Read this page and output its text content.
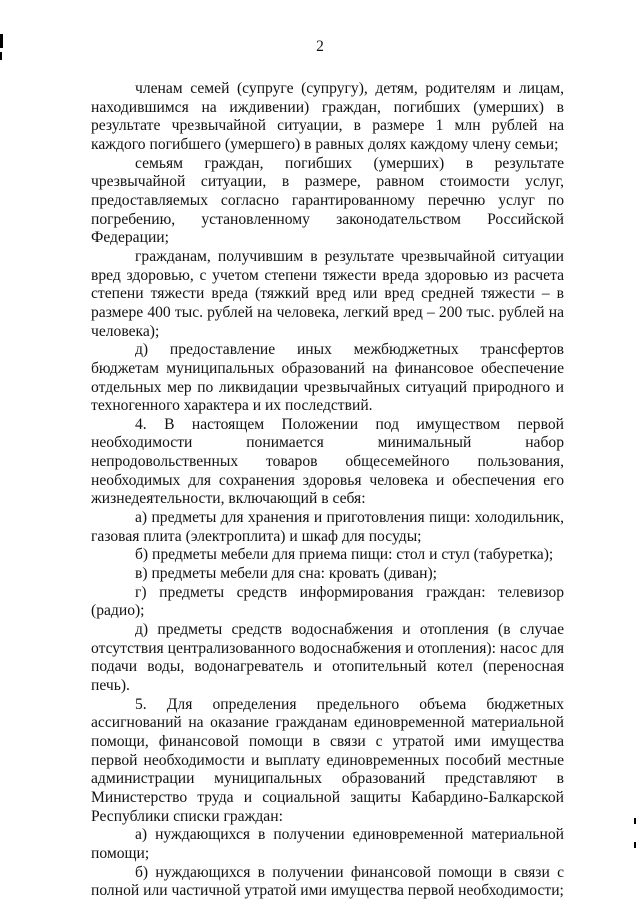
2

членам семей (супруге (супругу), детям, родителям и лицам, находившимся на иждивении) граждан, погибших (умерших) в результате чрезвычайной ситуации, в размере 1 млн рублей на каждого погибшего (умершего) в равных долях каждому члену семьи;

семьям граждан, погибших (умерших) в результате чрезвычайной ситуации, в размере, равном стоимости услуг, предоставляемых согласно гарантированному перечню услуг по погребению, установленному законодательством Российской Федерации;

гражданам, получившим в результате чрезвычайной ситуации вред здоровью, с учетом степени тяжести вреда здоровью из расчета степени тяжести вреда (тяжкий вред или вред средней тяжести – в размере 400 тыс. рублей на человека, легкий вред – 200 тыс. рублей на человека);

д) предоставление иных межбюджетных трансфертов бюджетам муниципальных образований на финансовое обеспечение отдельных мер по ликвидации чрезвычайных ситуаций природного и техногенного характера и их последствий.

4. В настоящем Положении под имуществом первой необходимости понимается минимальный набор непродовольственных товаров общесемейного пользования, необходимых для сохранения здоровья человека и обеспечения его жизнедеятельности, включающий в себя:

а) предметы для хранения и приготовления пищи: холодильник, газовая плита (электроплита) и шкаф для посуды;

б) предметы мебели для приема пищи: стол и стул (табуретка);

в) предметы мебели для сна: кровать (диван);

г) предметы средств информирования граждан: телевизор (радио);

д) предметы средств водоснабжения и отопления (в случае отсутствия централизованного водоснабжения и отопления): насос для подачи воды, водонагреватель и отопительный котел (переносная печь).

5. Для определения предельного объема бюджетных ассигнований на оказание гражданам единовременной материальной помощи, финансовой помощи в связи с утратой ими имущества первой необходимости и выплату единовременных пособий местные администрации муниципальных образований представляют в Министерство труда и социальной защиты Кабардино-Балкарской Республики списки граждан:

а) нуждающихся в получении единовременной материальной помощи;

б) нуждающихся в получении финансовой помощи в связи с полной или частичной утратой ими имущества первой необходимости;
